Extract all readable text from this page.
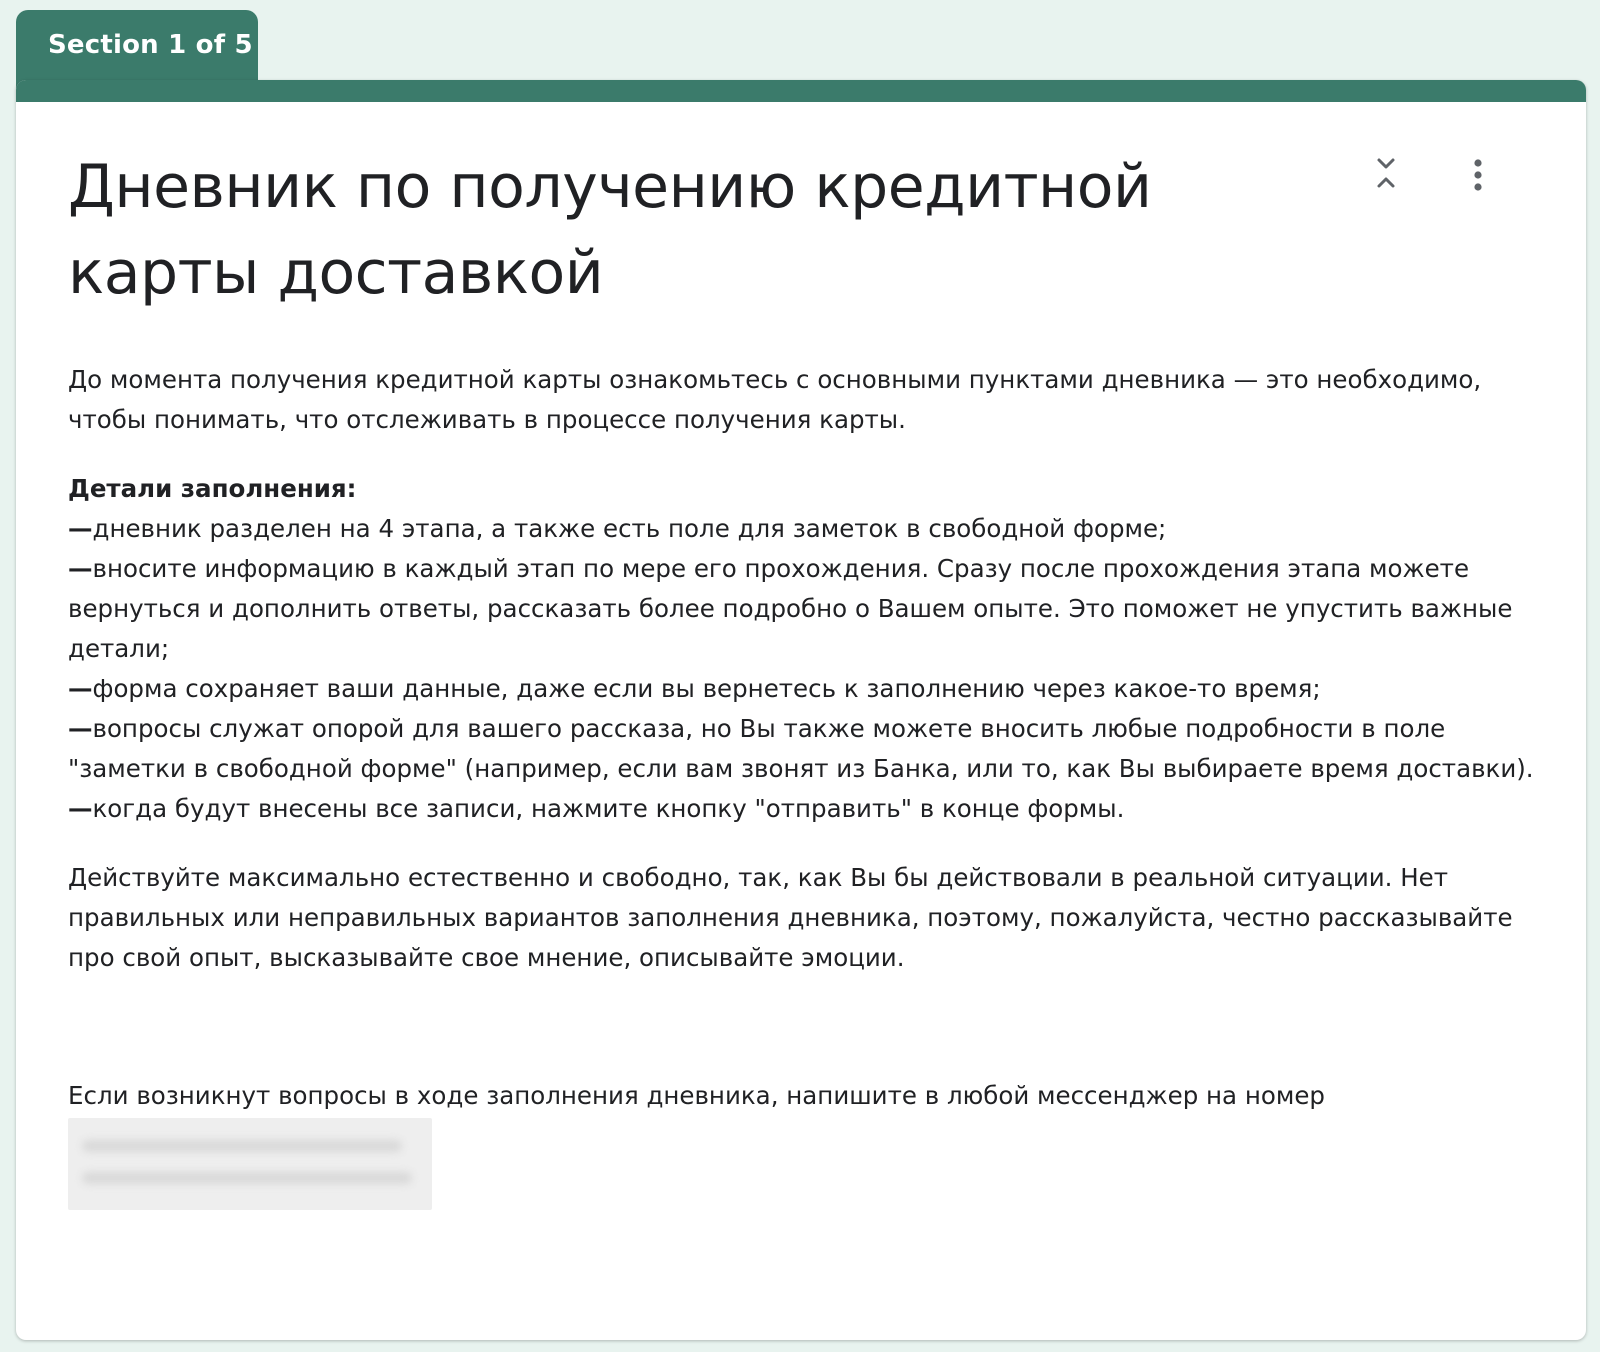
Section 1 of 5
Дневник по получению кредитной карты доставкой

До момента получения кредитной карты ознакомьтесь с основными пунктами дневника — это необходимо, чтобы понимать, что отслеживать в процессе получения карты.

Детали заполнения:

—дневник разделен на 4 этапа, а также есть поле для заметок в свободной форме;

—вносите информацию в каждый этап по мере его прохождения. Сразу после прохождения этапа можете вернуться и дополнить ответы, рассказать более подробно о Вашем опыте. Это поможет не упустить важные детали;

—форма сохраняет ваши данные, даже если вы вернетесь к заполнению через какое-то время;

—вопросы служат опорой для вашего рассказа, но Вы также можете вносить любые подробности в поле "заметки в свободной форме" (например, если вам звонят из Банка, или то, как Вы выбираете время доставки).

—когда будут внесены все записи, нажмите кнопку "отправить" в конце формы.

Действуйте максимально естественно и свободно, так, как Вы бы действовали в реальной ситуации. Нет правильных или неправильных вариантов заполнения дневника, поэтому, пожалуйста, честно рассказывайте про свой опыт, высказывайте свое мнение, описывайте эмоции.

Если возникнут вопросы в ходе заполнения дневника, напишите в любой мессенджер на номер
